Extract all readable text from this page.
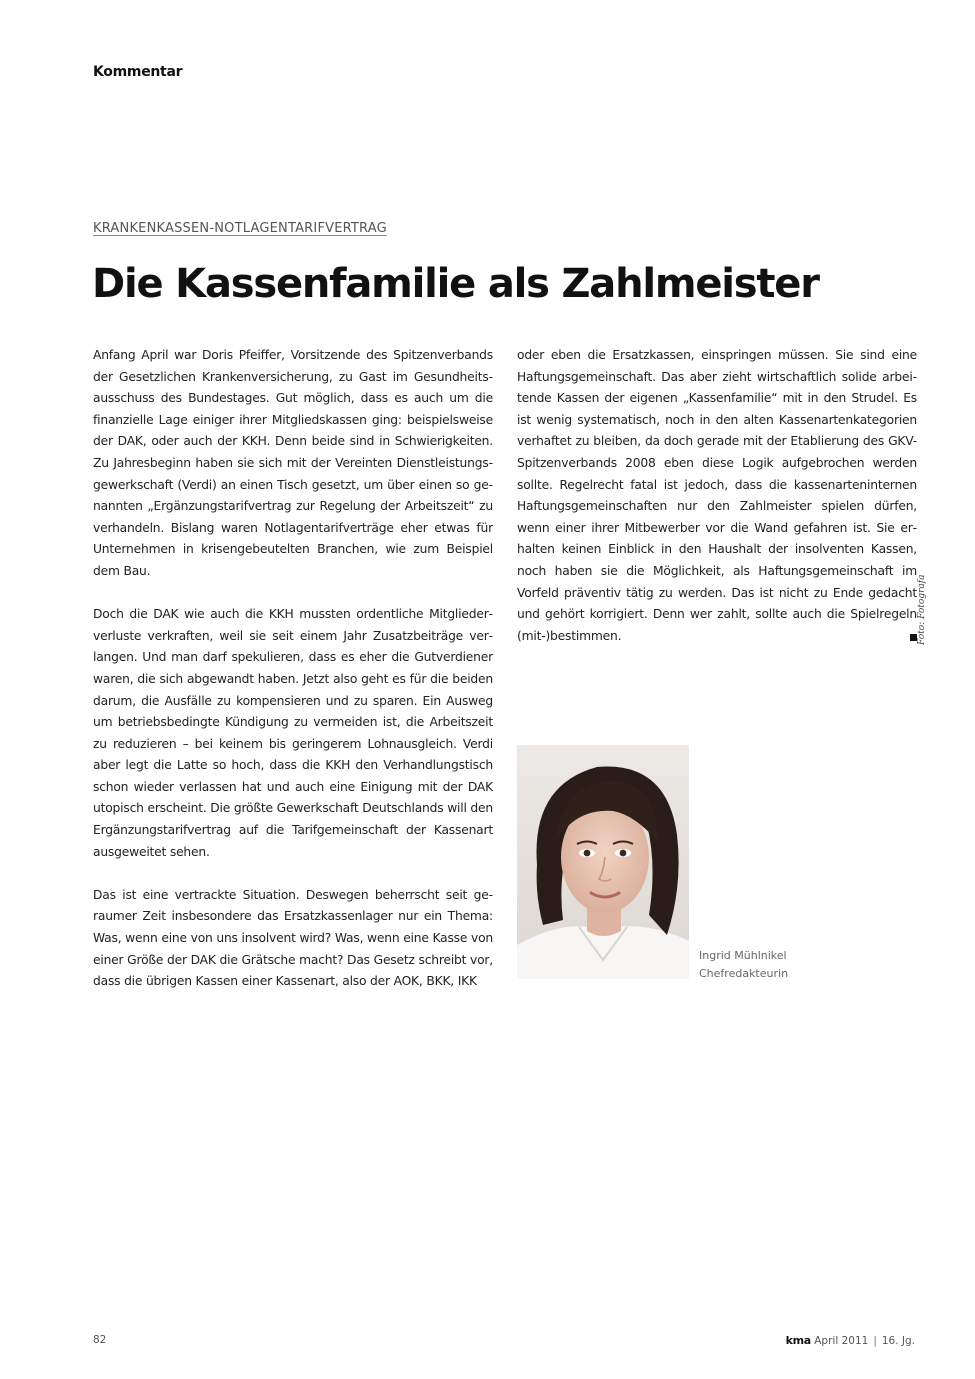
Kommentar
KRANKENKASSEN-NOTLAGENTARIFVERTRAG
Die Kassenfamilie als Zahlmeister

Anfang April war Doris Pfeiffer, Vorsitzende des Spitzenverbands der Gesetzlichen Krankenversicherung, zu Gast im Gesundheitsausschuss des Bundestages. Gut möglich, dass es auch um die finanzielle Lage einiger ihrer Mitgliedskassen ging: beispielsweise der DAK, oder auch der KKH. Denn beide sind in Schwierigkeiten. Zu Jahresbeginn haben sie sich mit der Vereinten Dienstleistungsgewerkschaft (Verdi) an einen Tisch gesetzt, um über einen so genannten „Ergänzungstarifvertrag zur Regelung der Arbeitszeit“ zu verhandeln. Bislang waren Notlagentarifverträge eher etwas für Unternehmen in krisengebeutelten Branchen, wie zum Beispiel dem Bau.

Doch die DAK wie auch die KKH mussten ordentliche Mitgliederverluste verkraften, weil sie seit einem Jahr Zusatzbeiträge verlangen. Und man darf spekulieren, dass es eher die Gutverdiener waren, die sich abgewandt haben. Jetzt also geht es für die beiden darum, die Ausfälle zu kompensieren und zu sparen. Ein Ausweg um betriebsbedingte Kündigung zu vermeiden ist, die Arbeitszeit zu reduzieren – bei keinem bis geringerem Lohnausgleich. Verdi aber legt die Latte so hoch, dass die KKH den Verhandlungstisch schon wieder verlassen hat und auch eine Einigung mit der DAK utopisch erscheint. Die größte Gewerkschaft Deutschlands will den Ergänzungstarifvertrag auf die Tarifgemeinschaft der Kassenart ausgeweitet sehen.

Das ist eine vertrackte Situation. Deswegen beherrscht seit geraumer Zeit insbesondere das Ersatzkassenlager nur ein Thema: Was, wenn eine von uns insolvent wird? Was, wenn eine Kasse von einer Größe der DAK die Grätsche macht? Das Gesetz schreibt vor, dass die übrigen Kassen einer Kassenart, also der AOK, BKK, IKK

oder eben die Ersatzkassen, einspringen müssen. Sie sind eine Haftungsgemeinschaft. Das aber zieht wirtschaftlich solide arbeitende Kassen der eigenen „Kassenfamilie“ mit in den Strudel. Es ist wenig systematisch, noch in den alten Kassenartenkategorien verhaftet zu bleiben, da doch gerade mit der Etablierung des GKV-Spitzenverbands 2008 eben diese Logik aufgebrochen werden sollte. Regelrecht fatal ist jedoch, dass die kassenarteninternen Haftungsgemeinschaften nur den Zahlmeister spielen dürfen, wenn einer ihrer Mitbewerber vor die Wand gefahren ist. Sie erhalten keinen Einblick in den Haushalt der insolventen Kassen, noch haben sie die Möglichkeit, als Haftungsgemeinschaft im Vorfeld präventiv tätig zu werden. Das ist nicht zu Ende gedacht und gehört korrigiert. Denn wer zahlt, sollte auch die Spielregeln (mit-)bestimmen.	Foto: Fotografa
Ingrid Mühlnikel
Chefredakteurin
82	kma April 2011 | 16. Jg.
